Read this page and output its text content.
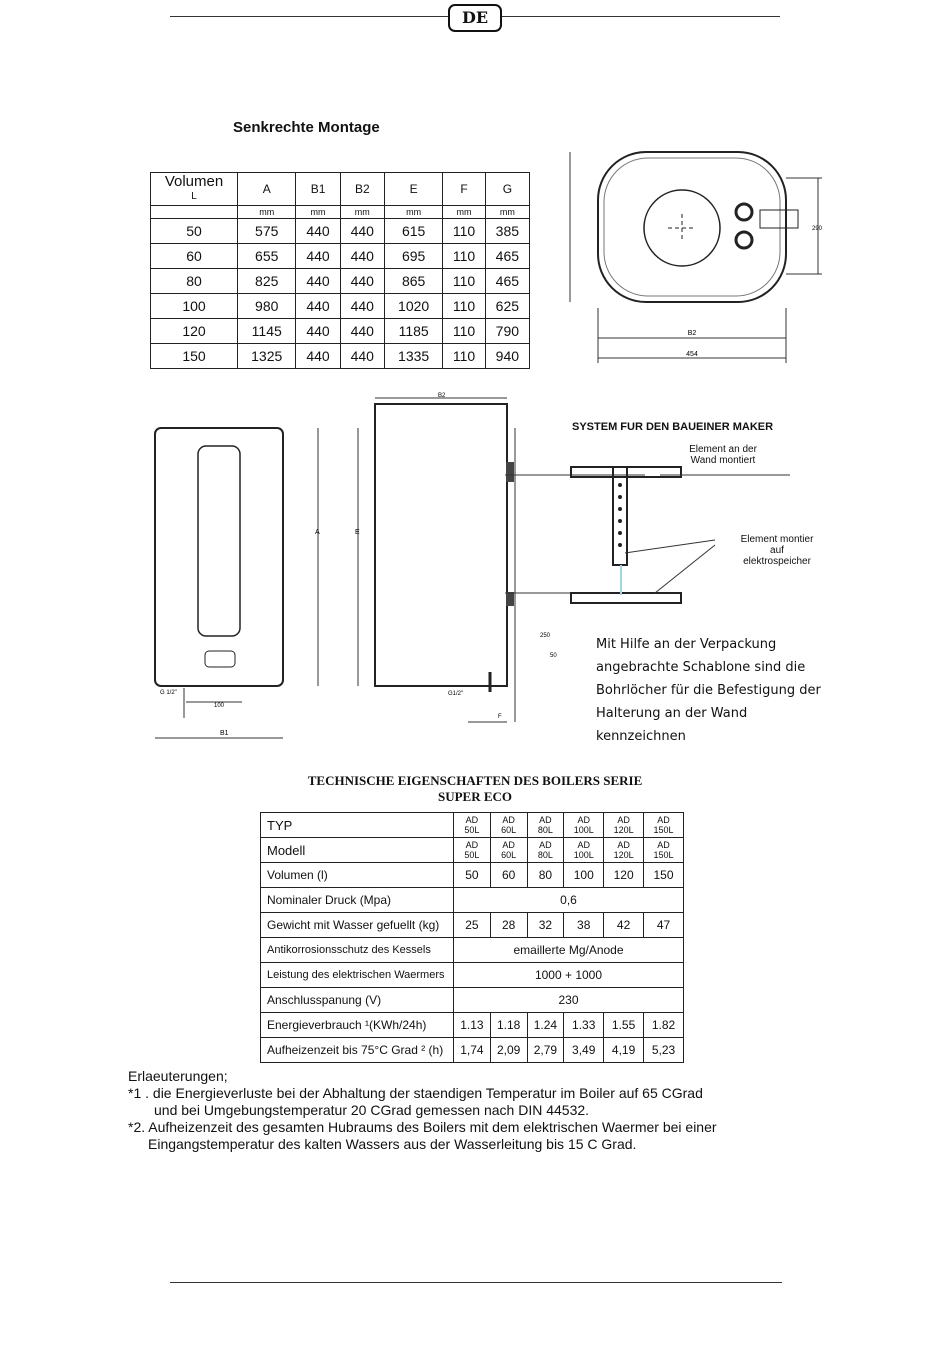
DE
Senkrechte Montage
Volumen
L	A	B1	B2	E	F	G
	mm	mm	mm	mm	mm	mm
50	575	440	440	615	110	385
60	655	440	440	695	110	465
80	825	440	440	865	110	465
100	980	440	440	1020	110	625
120	1145	440	440	1185	110	790
150	1325	440	440	1335	110	940
B2
454
290
A	E
B1
100
G 1/2"
B2
G1/2"
F
250
50
SYSTEM FUR DEN BAUEINER MAKER
Element an der
Wand montiert
Element montier
auf
elektrospeicher
Mit Hilfe an der Verpackung
angebrachte Schablone sind die
Bohrlöcher für die Befestigung der
Halterung an der Wand
kennzeichnen
TECHNISCHE EIGENSCHAFTEN DES BOILERS SERIE
SUPER ECO
TYP	AD 50L	AD 60L	AD 80L	AD 100L	AD 120L	AD 150L
Modell	AD 50L	AD 60L	AD 80L	AD 100L	AD 120L	AD 150L
Volumen (l)	50	60	80	100	120	150
Nominaler Druck (Mpa)	0,6					
Gewicht mit Wasser gefuellt (kg)	25	28	32	38	42	47
Antikorrosionsschutz des Kessels	emaillerte Mg/Anode					
Leistung des elektrischen Waermers	1000 + 1000					
Anschlusspanung (V)	230					
Energieverbrauch ¹(KWh/24h)	1.13	1.18	1.24	1.33	1.55	1.82
Aufheizenzeit bis 75°C Grad ² (h)	1,74	2,09	2,79	3,49	4,19	5,23
Erlaeuterungen;
*1 . die Energieverluste bei der Abhaltung der staendigen Temperatur im Boiler auf 65 CGrad
und bei Umgebungstemperatur 20 CGrad gemessen nach DIN 44532.
*2. Aufheizenzeit des gesamten Hubraums des Boilers mit dem elektrischen Waermer bei einer
Eingangstemperatur des kalten Wassers aus der Wasserleitung bis 15 C Grad.
